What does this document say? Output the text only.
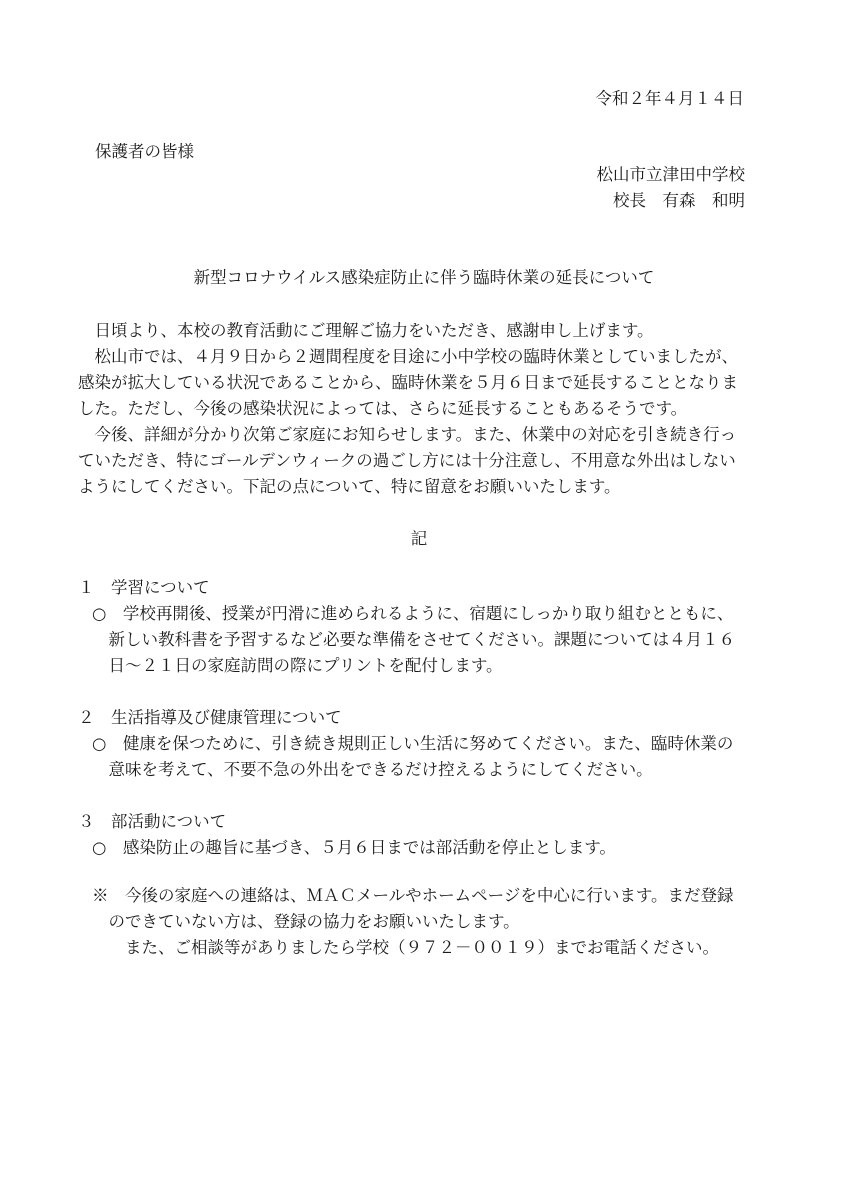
令和２年４月１４日
保護者の皆様
松山市立津田中学校
校長　有森　和明
新型コロナウイルス感染症防止に伴う臨時休業の延長について
　日頃より、本校の教育活動にご理解ご協力をいただき、感謝申し上げます。
　松山市では、４月９日から２週間程度を目途に小中学校の臨時休業としていましたが、
感染が拡大している状況であることから、臨時休業を５月６日まで延長することとなりま
した。ただし、今後の感染状況によっては、さらに延長することもあるそうです。
　今後、詳細が分かり次第ご家庭にお知らせします。また、休業中の対応を引き続き行っ
ていただき、特にゴールデンウィークの過ごし方には十分注意し、不用意な外出はしない
ようにしてください。下記の点について、特に留意をお願いいたします。
記
１　学習について
○　学校再開後、授業が円滑に進められるように、宿題にしっかり取り組むとともに、
　新しい教科書を予習するなど必要な準備をさせてください。課題については４月１６
　日～２１日の家庭訪問の際にプリントを配付します。
２　生活指導及び健康管理について
○　健康を保つために、引き続き規則正しい生活に努めてください。また、臨時休業の
　意味を考えて、不要不急の外出をできるだけ控えるようにしてください。
３　部活動について
○　感染防止の趣旨に基づき、５月６日までは部活動を停止とします。
※　今後の家庭への連絡は、ＭＡＣメールやホームページを中心に行います。まだ登録
　のできていない方は、登録の協力をお願いいたします。
　　また、ご相談等がありましたら学校（９７２－００１９）までお電話ください。
